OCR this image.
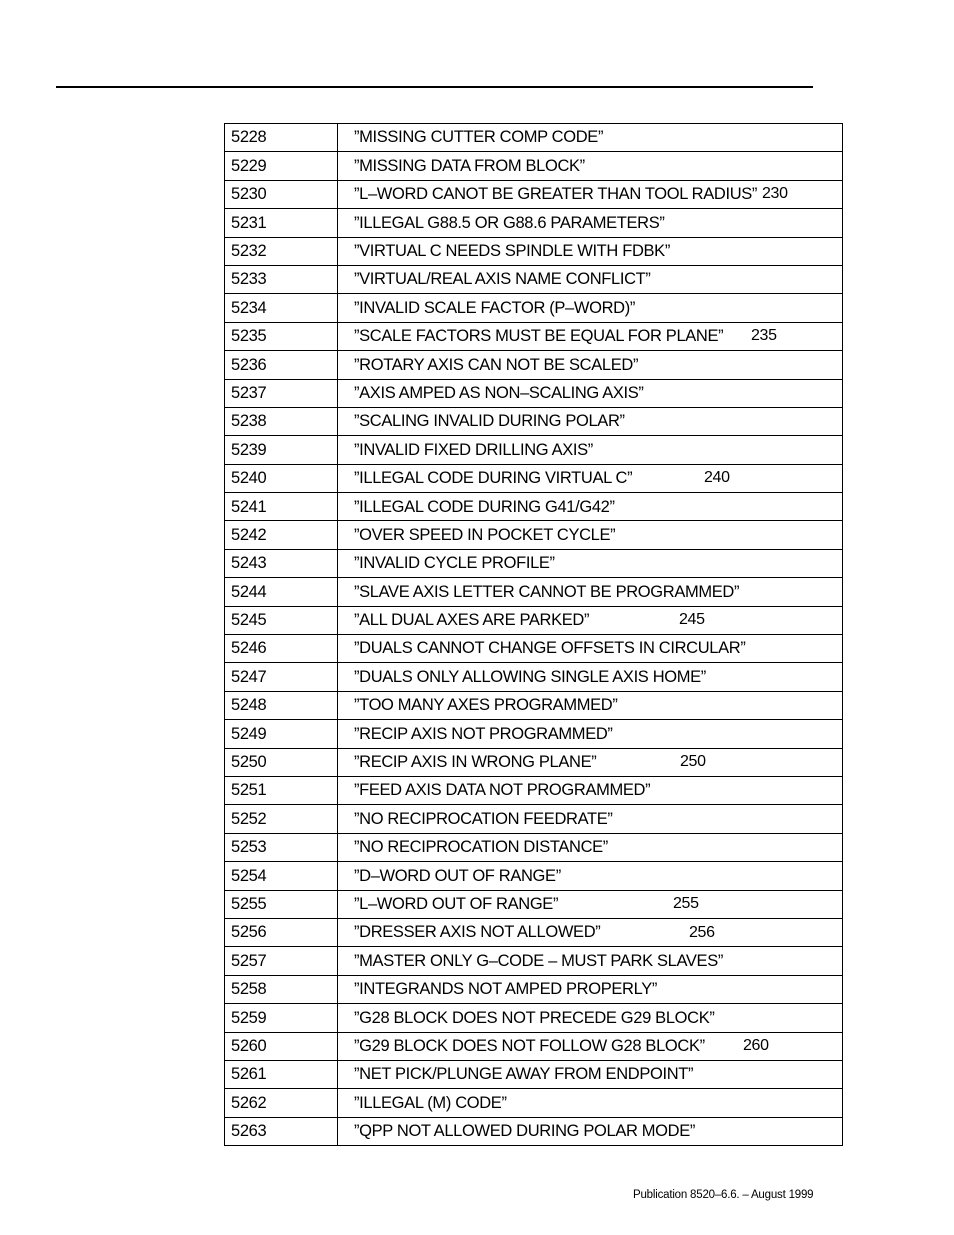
5228	”MISSING CUTTER COMP CODE”
5229	”MISSING DATA FROM BLOCK”
5230	”L–WORD CANOT BE GREATER THAN TOOL RADIUS” 230

5231	”ILLEGAL G88.5 OR G88.6 PARAMETERS”
5232	”VIRTUAL C NEEDS SPINDLE WITH FDBK”
5233	”VIRTUAL/REAL AXIS NAME CONFLICT”
5234	”INVALID SCALE FACTOR (P–WORD)”
5235	”SCALE FACTORS MUST BE EQUAL FOR PLANE” 235

5236	”ROTARY AXIS CAN NOT BE SCALED”
5237	”AXIS AMPED AS NON–SCALING AXIS”
5238	”SCALING INVALID DURING POLAR”
5239	”INVALID FIXED DRILLING AXIS”
5240	”ILLEGAL CODE DURING VIRTUAL C” 240

5241	”ILLEGAL CODE DURING G41/G42”
5242	”OVER SPEED IN POCKET CYCLE”
5243	”INVALID CYCLE PROFILE”
5244	”SLAVE AXIS LETTER CANNOT BE PROGRAMMED”
5245	”ALL DUAL AXES ARE PARKED” 245

5246	”DUALS CANNOT CHANGE OFFSETS IN CIRCULAR”
5247	”DUALS ONLY ALLOWING SINGLE AXIS HOME”
5248	”TOO MANY AXES PROGRAMMED”
5249	”RECIP AXIS NOT PROGRAMMED”
5250	”RECIP AXIS IN WRONG PLANE” 250

5251	”FEED AXIS DATA NOT PROGRAMMED”
5252	”NO RECIPROCATION FEEDRATE”
5253	”NO RECIPROCATION DISTANCE”
5254	”D–WORD OUT OF RANGE”
5255	”L–WORD OUT OF RANGE” 255

5256	”DRESSER AXIS NOT ALLOWED” 256

5257	”MASTER ONLY G–CODE – MUST PARK SLAVES”
5258	”INTEGRANDS NOT AMPED PROPERLY”
5259	”G28 BLOCK DOES NOT PRECEDE G29 BLOCK”
5260	”G29 BLOCK DOES NOT FOLLOW G28 BLOCK” 260

5261	”NET PICK/PLUNGE AWAY FROM ENDPOINT”
5262	”ILLEGAL (M) CODE”
5263	”QPP NOT ALLOWED DURING POLAR MODE”
Publication 8520–6.6. – August 1999
